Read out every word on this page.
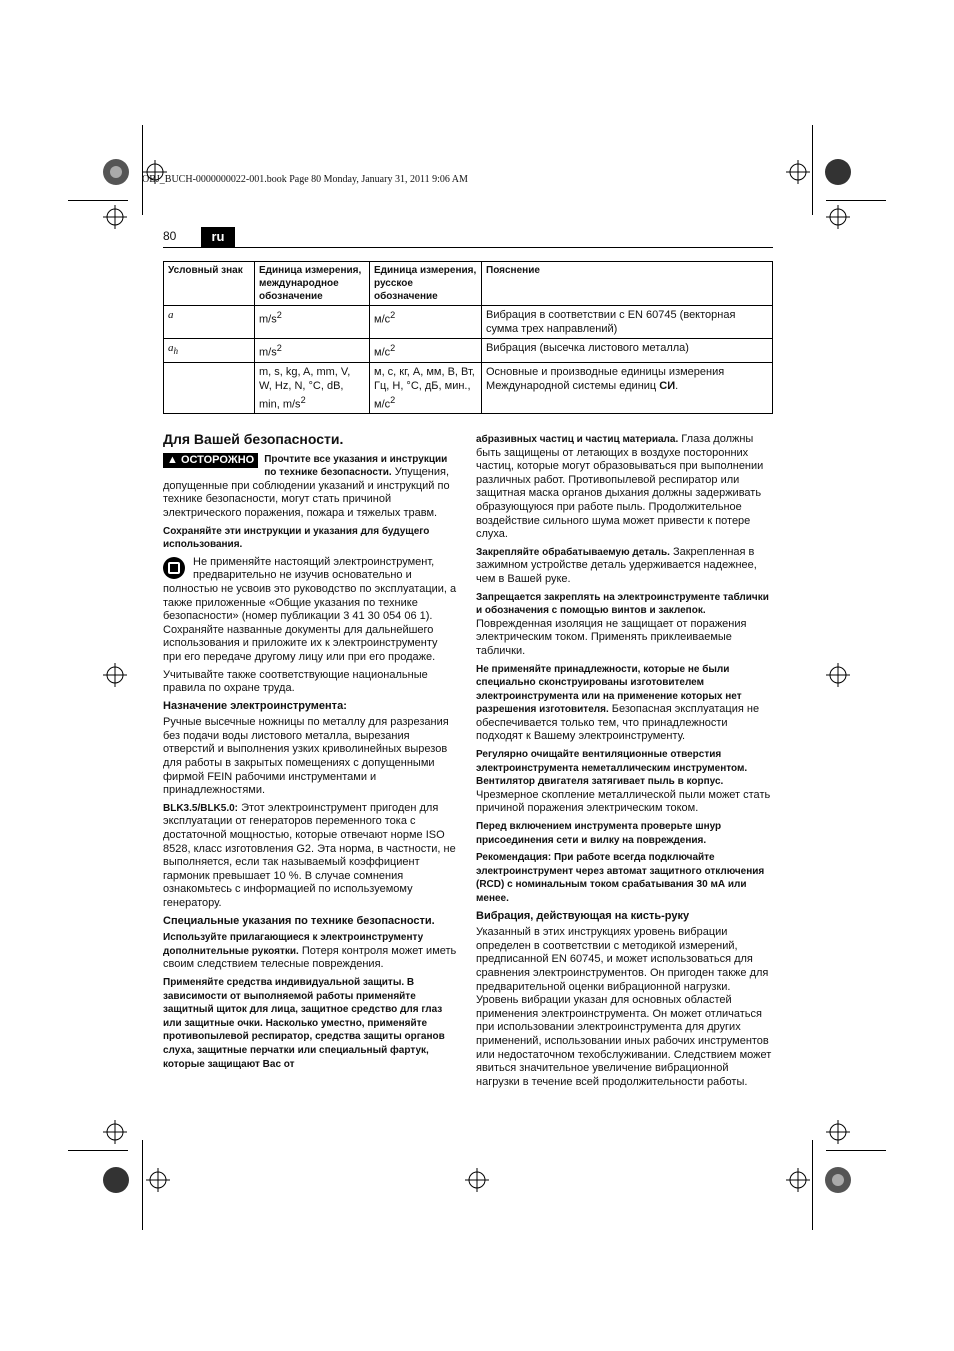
OBJ_BUCH-0000000022-001.book Page 80 Monday, January 31, 2011 9:06 AM
80	ru
Условный знак	Единица измерения, международное обозначение	Единица измерения, русское обозначение	Пояснение
a	$m/s^2$	$м/с^2$	Вибрация в соответствии с EN 60745 (векторная сумма трех направлений)
$a_h$	$m/s^2$	$м/с^2$	Вибрация (высечка листового металла)
	m, s, kg, A, mm, V, W, Hz, N, °C, dB, min, $m/s^2$	м, с, кг, А, мм, В, Вт, Гц, Н, °C, дБ, мин., $м/с^2$	Основные и производные единицы измерения Международной системы единиц СИ.
Для Вашей безопасности.

▲ ОСТОРОЖНО	Прочтите все указания и инструкции по технике безопасности. Упущения, допущенные при соблюдении указаний и инструкций по технике безопасности, могут стать причиной электрического поражения, пожара и тяжелых травм.

Сохраняйте эти инструкции и указания для будущего использования.

Не применяйте настоящий электроинструмент, предварительно не изучив основательно и полностью не усвоив это руководство по эксплуатации, а также приложенные «Общие указания по технике безопасности» (номер публикации 3 41 30 054 06 1). Сохраняйте названные документы для дальнейшего использования и приложите их к электроинструменту при его передаче другому лицу или при его продаже.

Учитывайте также соответствующие национальные правила по охране труда.

Назначение электроинструмента:

Ручные высечные ножницы по металлу для разрезания без подачи воды листового металла, вырезания отверстий и выполнения узких криволинейных вырезов для работы в закрытых помещениях с допущенными фирмой FEIN рабочими инструментами и принадлежностями.

BLK3.5/BLK5.0: Этот электроинструмент пригоден для эксплуатации от генераторов переменного тока с достаточной мощностью, которые отвечают норме ISO 8528, класс изготовления G2. Эта норма, в частности, не выполняется, если так называемый коэффициент гармоник превышает 10 %. В случае сомнения ознакомьтесь с информацией по используемому генератору.

Специальные указания по технике безопасности.

Используйте прилагающиеся к электроинструменту дополнительные рукоятки. Потеря контроля может иметь своим следствием телесные повреждения.

Применяйте средства индивидуальной защиты. В зависимости от выполняемой работы применяйте защитный щиток для лица, защитное средство для глаз или защитные очки. Насколько уместно, применяйте противопылевой респиратор, средства защиты органов слуха, защитные перчатки или специальный фартук, которые защищают Вас от

абразивных частиц и частиц материала. Глаза должны быть защищены от летающих в воздухе посторонних частиц, которые могут образовываться при выполнении различных работ. Противопылевой респиратор или защитная маска органов дыхания должны задерживать образующуюся при работе пыль. Продолжительное воздействие сильного шума может привести к потере слуха.

Закрепляйте обрабатываемую деталь. Закрепленная в зажимном устройстве деталь удерживается надежнее, чем в Вашей руке.

Запрещается закреплять на электроинструменте таблички и обозначения с помощью винтов и заклепок. Поврежденная изоляция не защищает от поражения электрическим током. Применять приклеиваемые таблички.

Не применяйте принадлежности, которые не были специально сконструированы изготовителем электроинструмента или на применение которых нет разрешения изготовителя. Безопасная эксплуатация не обеспечивается только тем, что принадлежности подходят к Вашему электроинструменту.

Регулярно очищайте вентиляционные отверстия электроинструмента неметаллическим инструментом. Вентилятор двигателя затягивает пыль в корпус. Чрезмерное скопление металлической пыли может стать причиной поражения электрическим током.

Перед включением инструмента проверьте шнур присоединения сети и вилку на повреждения.

Рекомендация: При работе всегда подключайте электроинструмент через автомат защитного отключения (RCD) с номинальным током срабатывания 30 мА или менее.

Вибрация, действующая на кисть-руку

Указанный в этих инструкциях уровень вибрации определен в соответствии с методикой измерений, предписанной EN 60745, и может использоваться для сравнения электроинструментов. Он пригоден также для предварительной оценки вибрационной нагрузки.

Уровень вибрации указан для основных областей применения электроинструмента. Он может отличаться при использовании электроинструмента для других применений, использовании иных рабочих инструментов или недостаточном техобслуживании. Следствием может явиться значительное увеличение вибрационной нагрузки в течение всей продолжительности работы.
